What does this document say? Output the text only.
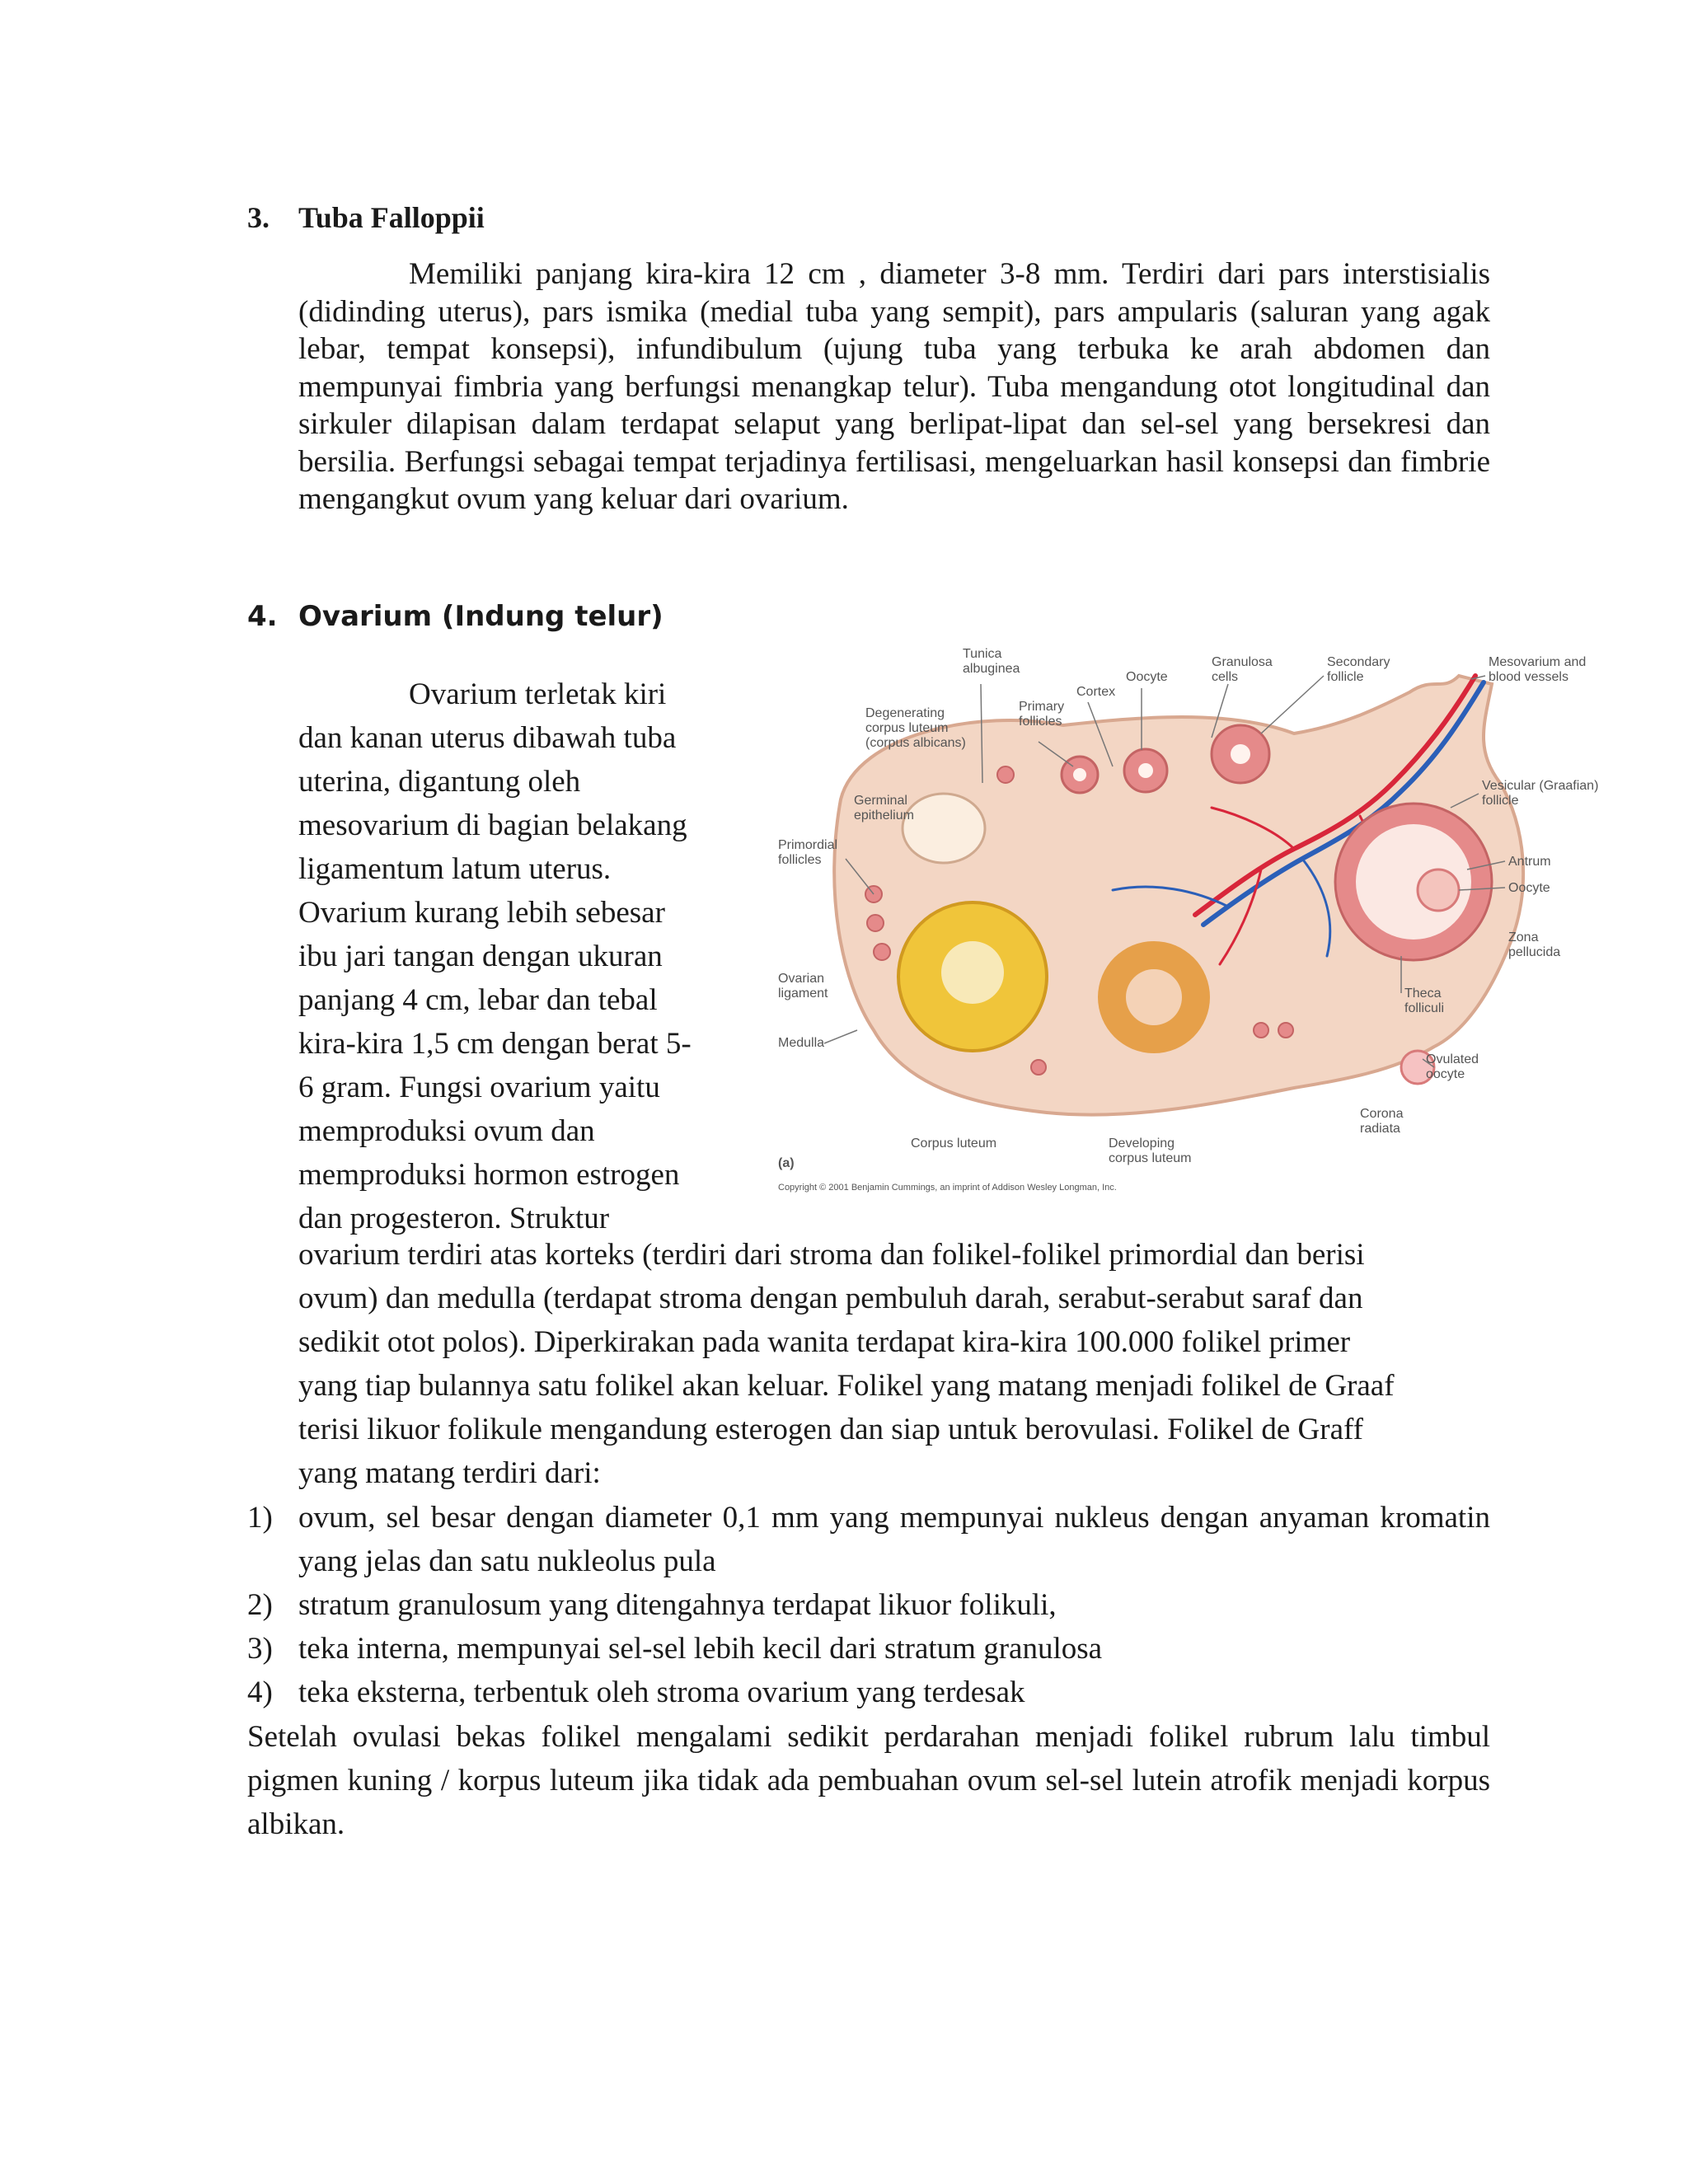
3. Tuba Falloppii

Memiliki panjang kira-kira 12 cm , diameter 3-8 mm. Terdiri dari pars interstisialis (didinding uterus), pars ismika (medial tuba yang sempit), pars ampularis (saluran yang agak lebar, tempat konsepsi), infundibulum (ujung tuba yang terbuka ke arah abdomen dan mempunyai fimbria yang berfungsi menangkap telur). Tuba mengandung otot longitudinal dan sirkuler dilapisan dalam terdapat selaput yang berlipat-lipat dan sel-sel yang bersekresi dan bersilia. Berfungsi sebagai tempat terjadinya fertilisasi, mengeluarkan hasil konsepsi dan fimbrie mengangkut ovum yang keluar dari ovarium.

4. Ovarium (Indung telur)
Ovarium terletak kiri
dan kanan uterus dibawah tuba
uterina, digantung oleh
mesovarium di bagian belakang
ligamentum latum uterus.
Ovarium kurang lebih sebesar
ibu jari tangan dengan ukuran
panjang 4 cm, lebar dan tebal
kira-kira 1,5 cm dengan berat 5-
6 gram. Fungsi ovarium yaitu
memproduksi ovum dan
memproduksi hormon estrogen
dan progesteron. Struktur
ovarium terdiri atas korteks (terdiri dari stroma dan folikel-folikel primordial dan berisi
ovum) dan medulla (terdapat stroma dengan pembuluh darah, serabut-serabut saraf dan
sedikit otot polos). Diperkirakan pada wanita terdapat kira-kira 100.000 folikel primer
yang tiap bulannya satu folikel akan keluar. Folikel yang matang menjadi folikel de Graaf
terisi likuor folikule mengandung esterogen dan siap untuk berovulasi. Folikel de Graff
yang matang terdiri dari:
1) ovum, sel besar dengan diameter 0,1 mm yang mempunyai nukleus dengan anyaman kromatin yang jelas dan satu nukleolus pula
2) stratum granulosum yang ditengahnya terdapat likuor folikuli,
3) teka interna, mempunyai sel-sel lebih kecil dari stratum granulosa
4) teka eksterna, terbentuk oleh stroma ovarium yang terdesak
Setelah ovulasi bekas folikel mengalami sedikit perdarahan menjadi folikel rubrum lalu timbul pigmen kuning / korpus luteum jika tidak ada pembuahan ovum sel-sel lutein atrofik menjadi korpus albikan.
Tunica albuginea
Degenerating corpus luteum (corpus albicans)
Primary follicles
Cortex
Oocyte
Granulosa cells
Secondary follicle
Mesovarium and blood vessels
Germinal epithelium
Primordial follicles
Vesicular (Graafian) follicle
Antrum
Oocyte
Zona pellucida
Ovarian ligament	Theca folliculi
Medulla
Ovulated oocyte
Corona radiata
Corpus luteum	Developing corpus luteum
(a)
Copyright © 2001 Benjamin Cummings, an imprint of Addison Wesley Longman, Inc.
